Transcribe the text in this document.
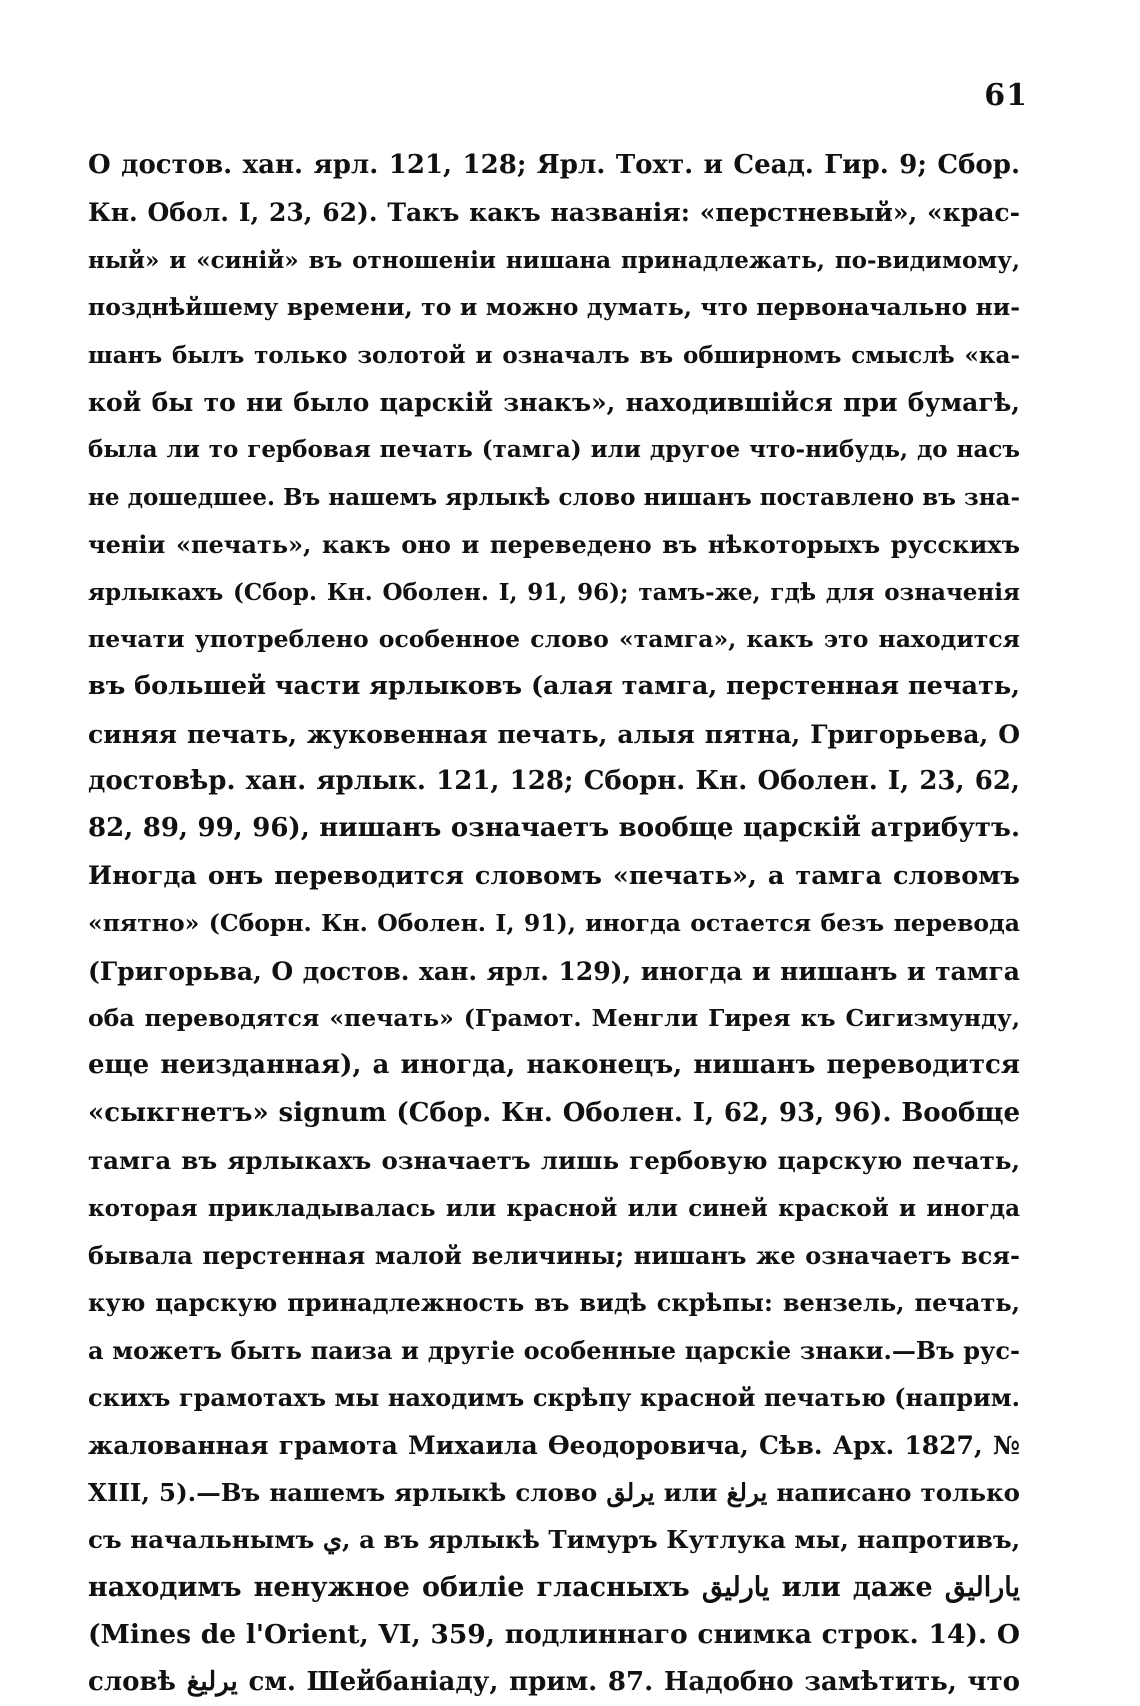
61
О достов. хан. ярл. 121, 128; Ярл. Тохт. и Сеад. Гир. 9; Сбор.
Кн. Обол. I, 23, 62). Такъ какъ названія: «перстневый», «крас-
ный» и «синій» въ отношеніи нишана принадлежать, по-видимому,
позднѣйшему времени, то и можно думать, что первоначально ни-
шанъ былъ только золотой и означалъ въ обширномъ смыслѣ «ка-
кой бы то ни было царскій знакъ», находившійся при бумагѣ,
была ли то гербовая печать (тамга) или другое что-нибудь, до насъ
не дошедшее. Въ нашемъ ярлыкѣ слово нишанъ поставлено въ зна-
ченіи «печать», какъ оно и переведено въ нѣкоторыхъ русскихъ
ярлыкахъ (Сбор. Кн. Оболен. I, 91, 96); тамъ-же, гдѣ для означенія
печати употреблено особенное слово «тамга», какъ это находится
въ большей части ярлыковъ (алая тамга, перстенная печать,
синяя печать, жуковенная печать, алыя пятна, Григорьева, О
достовѣр. хан. ярлык. 121, 128; Сборн. Кн. Оболен. I, 23, 62,
82, 89, 99, 96), нишанъ означаетъ вообще царскій атрибутъ.
Иногда онъ переводится словомъ «печать», а тамга словомъ
«пятно» (Сборн. Кн. Оболен. I, 91), иногда остается безъ перевода
(Григорьва, О достов. хан. ярл. 129), иногда и нишанъ и тамга
оба переводятся «печать» (Грамот. Менгли Гирея къ Сигизмунду,
еще неизданная), а иногда, наконецъ, нишанъ переводится
«сыкгнетъ» signum (Сбор. Кн. Оболен. I, 62, 93, 96). Вообще
тамга въ ярлыкахъ означаетъ лишь гербовую царскую печать,
которая прикладывалась или красной или синей краской и иногда
бывала перстенная малой величины; нишанъ же означаетъ вся-
кую царскую принадлежность въ видѣ скрѣпы: вензель, печать,
а можетъ быть паиза и другіе особенные царскіе знаки.—Въ рус-
скихъ грамотахъ мы находимъ скрѣпу красной печатью (наприм.
жалованная грамота Михаила Ѳеодоровича, Сѣв. Арх. 1827, №
XIII, 5).—Въ нашемъ ярлыкѣ слово يرلق или يرلغ написано только
съ начальнымъ ي, а въ ярлыкѣ Тимуръ Кутлука мы, напротивъ,
находимъ ненужное обиліе гласныхъ يارليق или даже ياراليق
(Mines de l'Orient, VI, 359, подлиннаго снимка строк. 14). О
словѣ يرليغ см. Шейбаніаду, прим. 87. Надобно замѣтить, что
